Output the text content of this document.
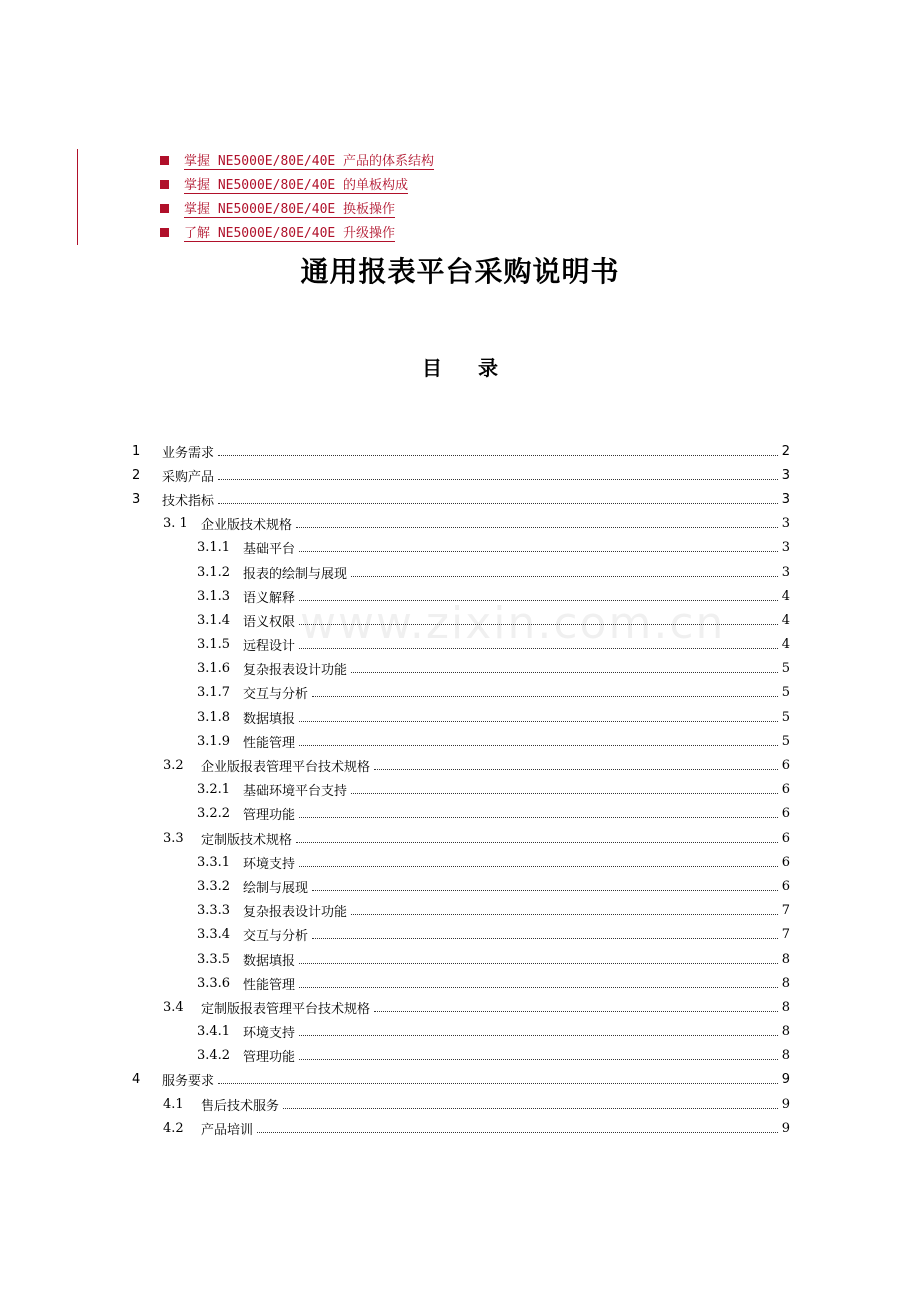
掌握 NE5000E/80E/40E 产品的体系结构
掌握 NE5000E/80E/40E 的单板构成
掌握 NE5000E/80E/40E 换板操作
了解 NE5000E/80E/40E 升级操作
通用报表平台采购说明书
目 录
1	业务需求	2
2	采购产品	3
3	技术指标	3
3. 1	企业版技术规格	3
3.1.1 基础平台	3
3.1.2 报表的绘制与展现	3
3.1.3 语义解释	4
3.1.4 语义权限	4
3.1.5 远程设计	4
3.1.6 复杂报表设计功能	5
3.1.7 交互与分析	5
3.1.8 数据填报	5
3.1.9 性能管理	5
3.2	企业版报表管理平台技术规格	6
3.2.1 基础环境平台支持	6
3.2.2 管理功能	6
3.3	定制版技术规格	6
3.3.1 环境支持	6
3.3.2 绘制与展现	6
3.3.3 复杂报表设计功能	7
3.3.4 交互与分析	7
3.3.5 数据填报	8
3.3.6 性能管理	8
3.4	定制版报表管理平台技术规格	8
3.4.1 环境支持	8
3.4.2 管理功能	8
4	服务要求	9
4.1	售后技术服务	9
4.2	产品培训	9
www.zixin.com.cn
